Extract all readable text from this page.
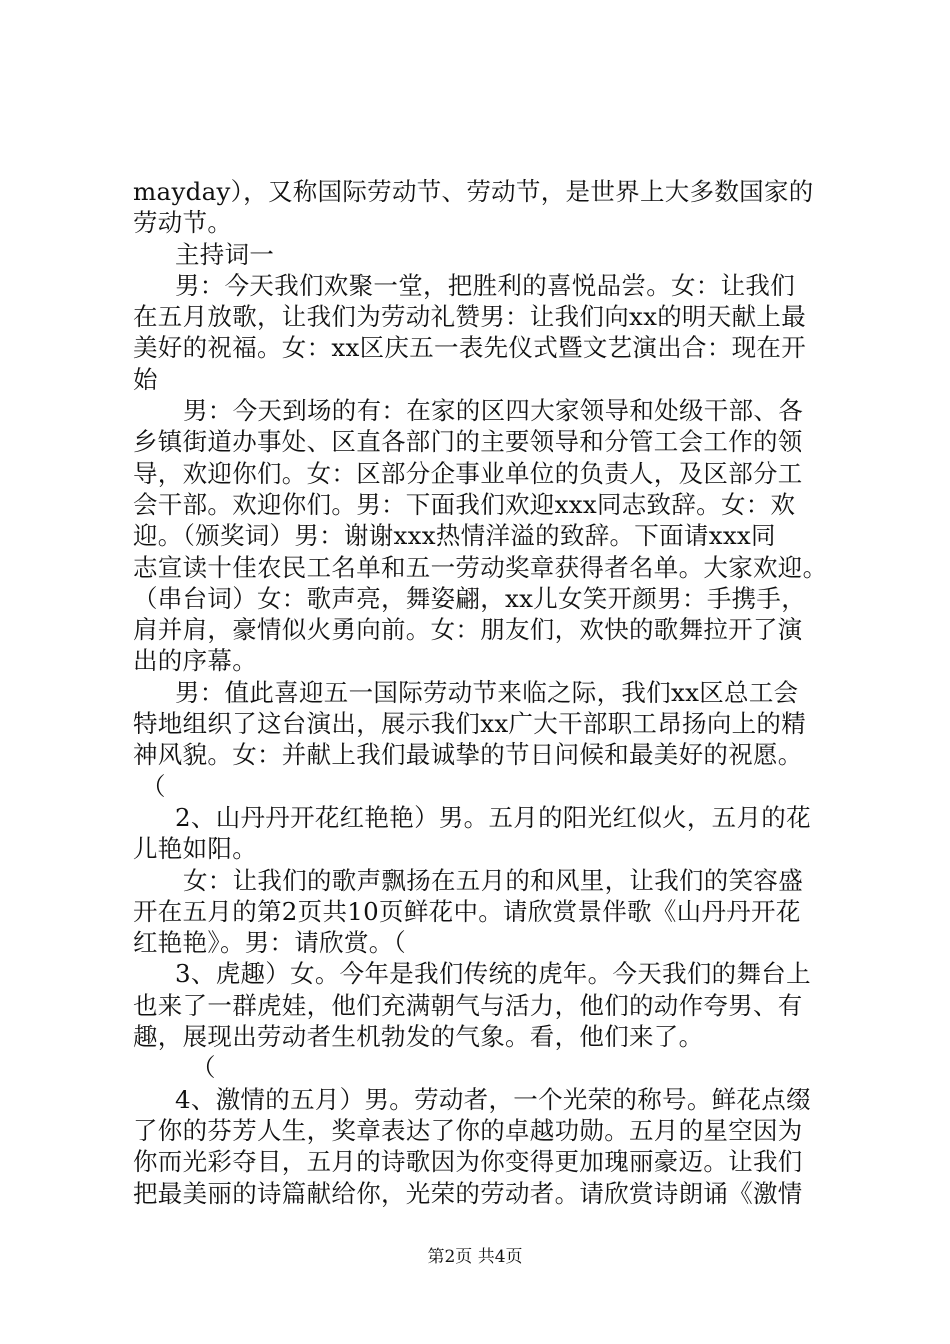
mayday），又称国际劳动节、劳动节，是世界上大多数国家的
劳动节。
主持词一
男：今天我们欢聚一堂，把胜利的喜悦品尝。女：让我们
在五月放歌，让我们为劳动礼赞男：让我们向xx的明天献上最
美好的祝福。女：xx区庆五一表先仪式暨文艺演出合：现在开
始
男：今天到场的有：在家的区四大家领导和处级干部、各
乡镇街道办事处、区直各部门的主要领导和分管工会工作的领
导，欢迎你们。女：区部分企事业单位的负责人，及区部分工
会干部。欢迎你们。男：下面我们欢迎xxx同志致辞。女：欢
迎。（颁奖词）男：谢谢xxx热情洋溢的致辞。下面请xxx同
志宣读十佳农民工名单和五一劳动奖章获得者名单。大家欢迎。
（串台词）女：歌声亮，舞姿翩，xx儿女笑开颜男：手携手，
肩并肩，豪情似火勇向前。女：朋友们，欢快的歌舞拉开了演
出的序幕。
男：值此喜迎五一国际劳动节来临之际，我们xx区总工会
特地组织了这台演出，展示我们xx广大干部职工昂扬向上的精
神风貌。女：并献上我们最诚挚的节日问候和最美好的祝愿。
（
2、山丹丹开花红艳艳）男。五月的阳光红似火，五月的花
儿艳如阳。
女：让我们的歌声飘扬在五月的和风里，让我们的笑容盛
开在五月的第2页共10页鲜花中。请欣赏景伴歌《山丹丹开花
红艳艳》。男：请欣赏。（
3、虎趣）女。今年是我们传统的虎年。今天我们的舞台上
也来了一群虎娃，他们充满朝气与活力，他们的动作夸男、有
趣，展现出劳动者生机勃发的气象。看，他们来了。
（
4、激情的五月）男。劳动者，一个光荣的称号。鲜花点缀
了你的芬芳人生，奖章表达了你的卓越功勋。五月的星空因为
你而光彩夺目，五月的诗歌因为你变得更加瑰丽豪迈。让我们
把最美丽的诗篇献给你，光荣的劳动者。请欣赏诗朗诵《激情
第2页 共4页
